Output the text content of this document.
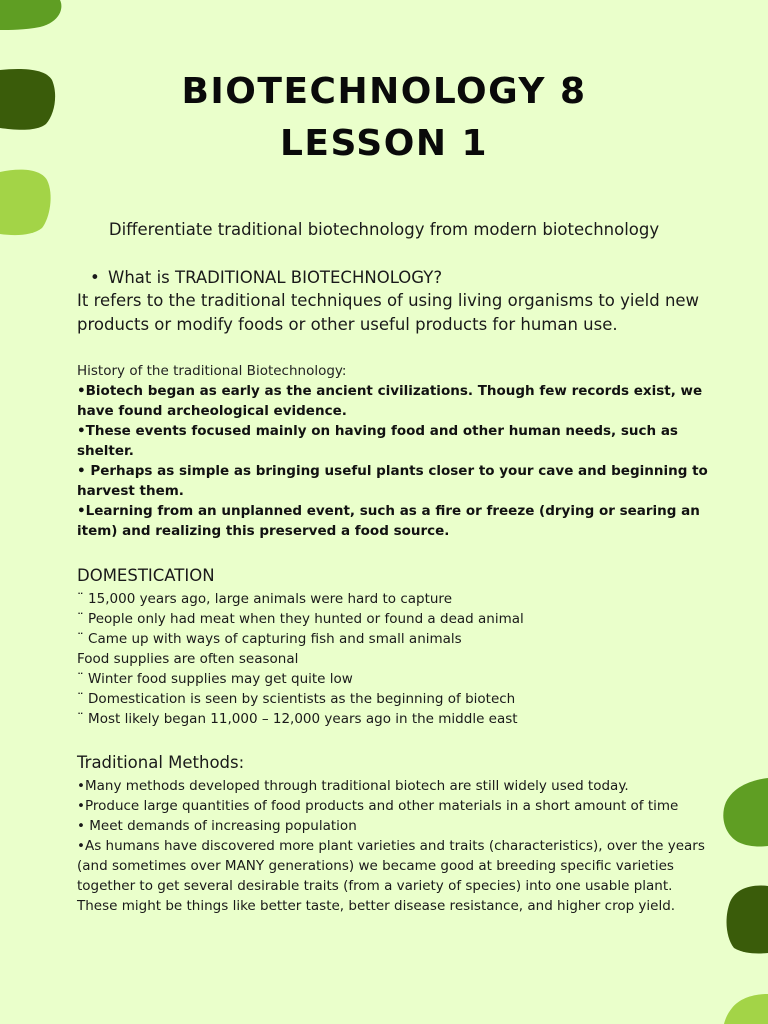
BIOTECHNOLOGY 8
LESSON 1
Differentiate traditional biotechnology from modern biotechnology
• What is TRADITIONAL BIOTECHNOLOGY?
It refers to the traditional techniques of using living organisms to yield new products or modify foods or other useful products for human use.
History of the traditional Biotechnology:
•Biotech began as early as the ancient civilizations. Though few records exist, we have found archeological evidence.
•These events focused mainly on having food and other human needs, such as shelter.
• Perhaps as simple as bringing useful plants closer to your cave and beginning to harvest them.
•Learning from an unplanned event, such as a fire or freeze (drying or searing an item) and realizing this preserved a food source.
DOMESTICATION
¨ 15,000 years ago, large animals were hard to capture
¨ People only had meat when they hunted or found a dead animal
¨ Came up with ways of capturing fish and small animals
Food supplies are often seasonal
¨ Winter food supplies may get quite low
¨ Domestication is seen by scientists as the beginning of biotech
¨ Most likely began 11,000 – 12,000 years ago in the middle east
Traditional Methods:
•Many methods developed through traditional biotech are still widely used today.
•Produce large quantities of food products and other materials in a short amount of time
• Meet demands of increasing population
•As humans have discovered more plant varieties and traits (characteristics), over the years (and sometimes over MANY generations) we became good at breeding specific varieties together to get several desirable traits (from a variety of species) into one usable plant. These might be things like better taste, better disease resistance, and higher crop yield.
